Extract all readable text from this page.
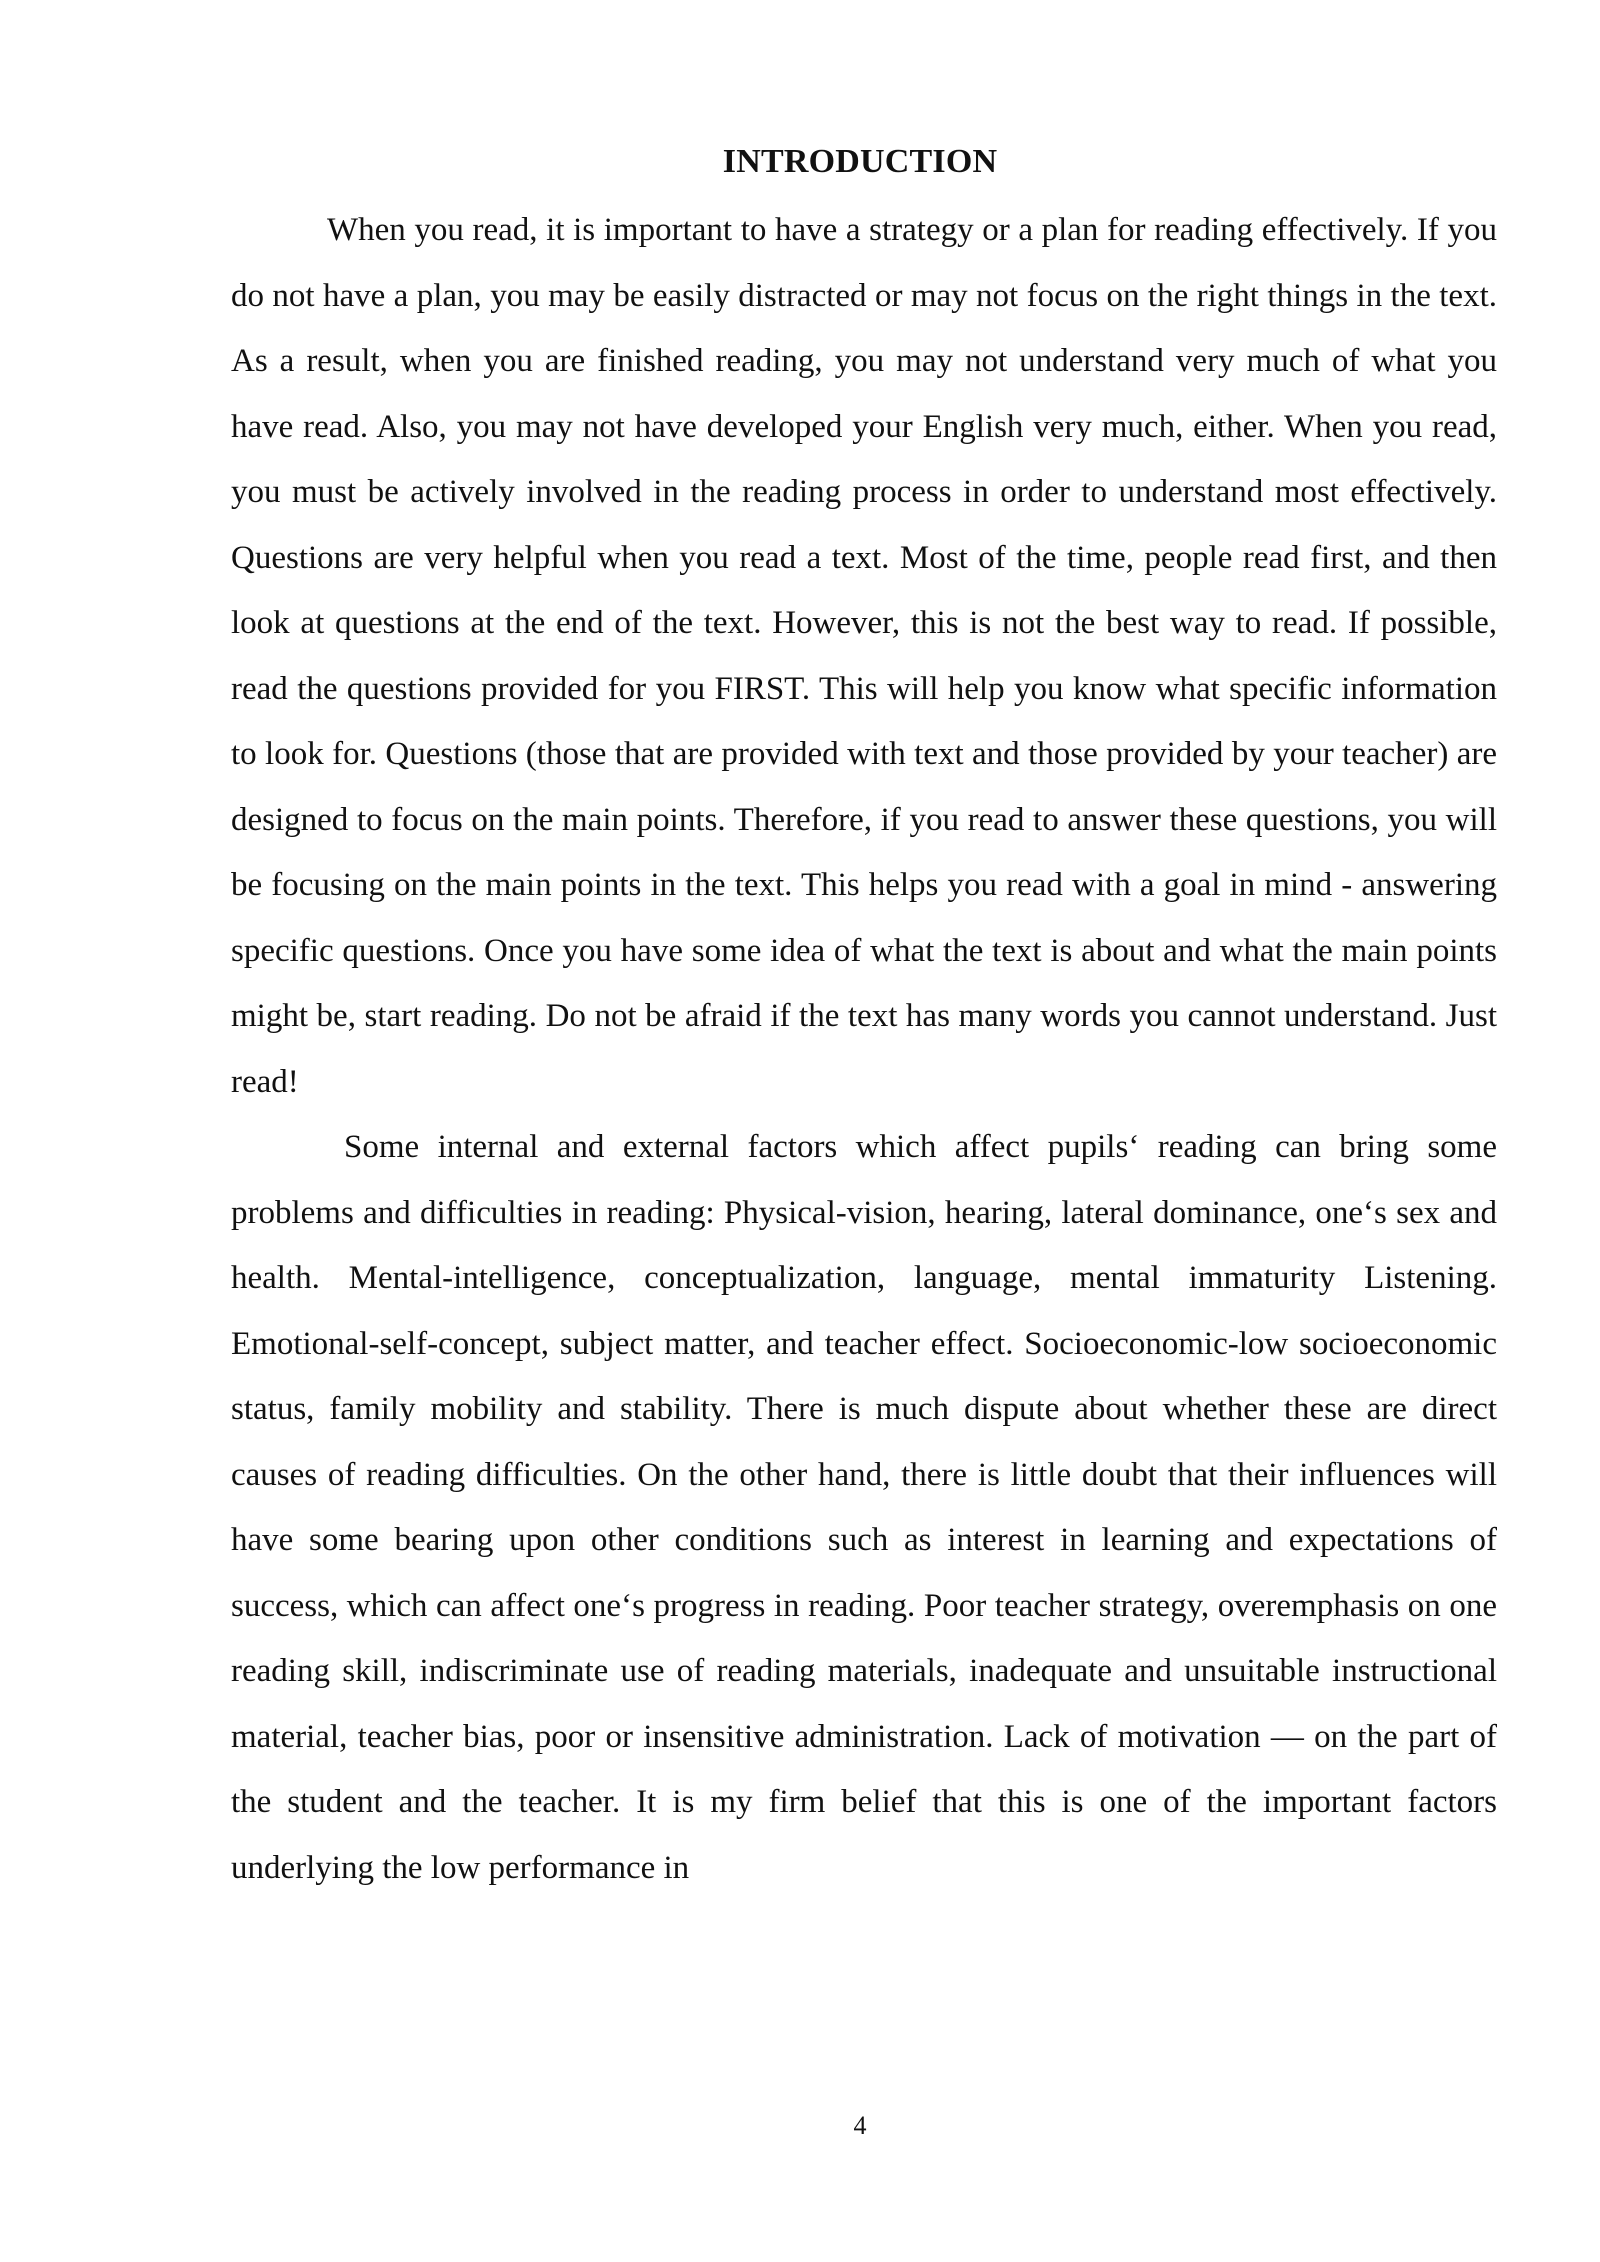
INTRODUCTION

When you read, it is important to have a strategy or a plan for reading effectively. If you do not have a plan, you may be easily distracted or may not focus on the right things in the text. As a result, when you are finished reading, you may not understand very much of what you have read. Also, you may not have developed your English very much, either. When you read, you must be actively involved in the reading process in order to understand most effectively. Questions are very helpful when you read a text. Most of the time, people read first, and then look at questions at the end of the text. However, this is not the best way to read. If possible, read the questions provided for you FIRST. This will help you know what specific information to look for. Questions (those that are provided with text and those provided by your teacher) are designed to focus on the main points. Therefore, if you read to answer these questions, you will be focusing on the main points in the text. This helps you read with a goal in mind - answering specific questions. Once you have some idea of what the text is about and what the main points might be, start reading. Do not be afraid if the text has many words you cannot understand. Just read!

Some internal and external factors which affect pupils‘ reading can bring some problems and difficulties in reading: Physical-vision, hearing, lateral dominance, one‘s sex and health. Mental-intelligence, conceptualization, language, mental immaturity Listening. Emotional-self-concept, subject matter, and teacher effect. Socioeconomic-low socioeconomic status, family mobility and stability. There is much dispute about whether these are direct causes of reading difficulties. On the other hand, there is little doubt that their influences will have some bearing upon other conditions such as interest in learning and expectations of success, which can affect one‘s progress in reading. Poor teacher strategy, overemphasis on one reading skill, indiscriminate use of reading materials, inadequate and unsuitable instructional material, teacher bias, poor or insensitive administration. Lack of motivation — on the part of the student and the teacher. It is my firm belief that this is one of the important factors underlying the low performance in

4
